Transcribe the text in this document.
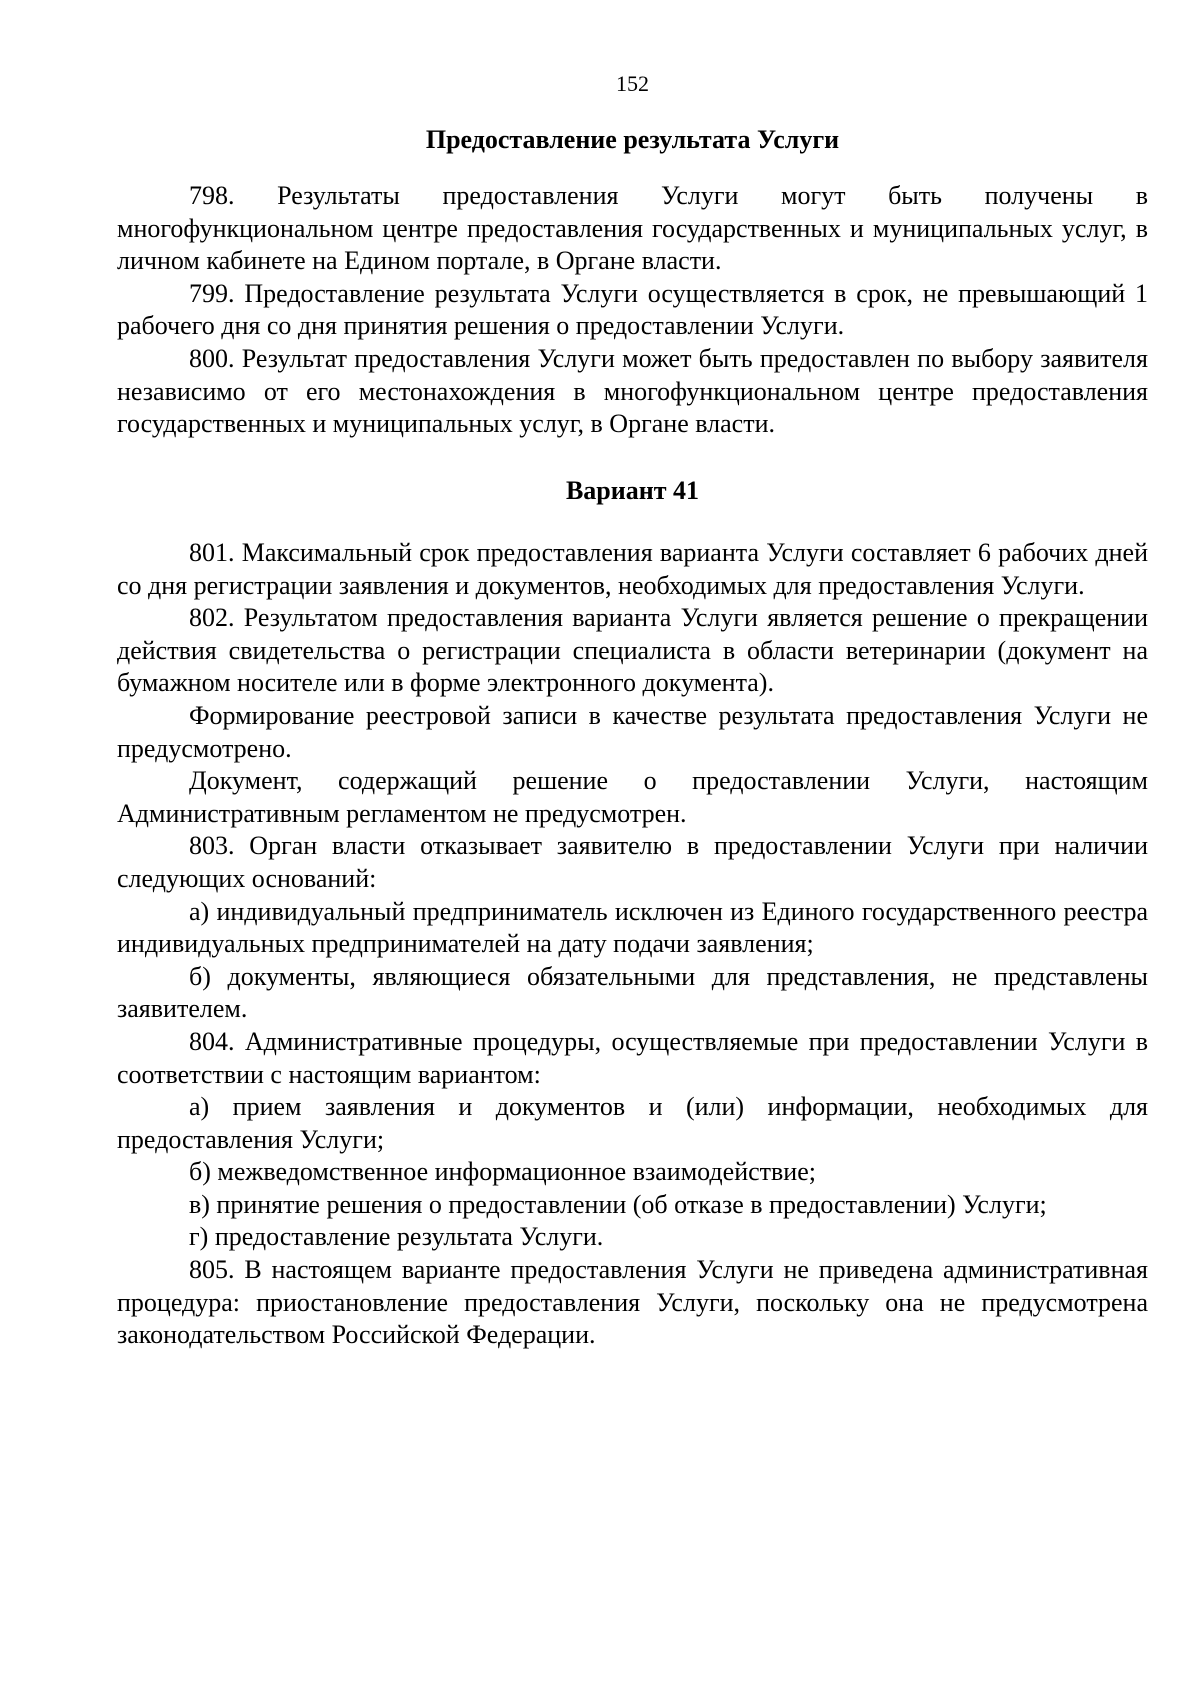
152
Предоставление результата Услуги

798. Результаты предоставления Услуги могут быть получены в многофункциональном центре предоставления государственных и муниципальных услуг, в личном кабинете на Едином портале, в Органе власти.

799. Предоставление результата Услуги осуществляется в срок, не превышающий 1 рабочего дня со дня принятия решения о предоставлении Услуги.

800. Результат предоставления Услуги может быть предоставлен по выбору заявителя независимо от его местонахождения в многофункциональном центре предоставления государственных и муниципальных услуг, в Органе власти.

Вариант 41

801. Максимальный срок предоставления варианта Услуги составляет 6 рабочих дней со дня регистрации заявления и документов, необходимых для предоставления Услуги.

802. Результатом предоставления варианта Услуги является решение о прекращении действия свидетельства о регистрации специалиста в области ветеринарии (документ на бумажном носителе или в форме электронного документа).

Формирование реестровой записи в качестве результата предоставления Услуги не предусмотрено.

Документ, содержащий решение о предоставлении Услуги, настоящим Административным регламентом не предусмотрен.

803. Орган власти отказывает заявителю в предоставлении Услуги при наличии следующих оснований:

а) индивидуальный предприниматель исключен из Единого государственного реестра индивидуальных предпринимателей на дату подачи заявления;

б) документы, являющиеся обязательными для представления, не представлены заявителем.

804. Административные процедуры, осуществляемые при предоставлении Услуги в соответствии с настоящим вариантом:

а) прием заявления и документов и (или) информации, необходимых для предоставления Услуги;

б) межведомственное информационное взаимодействие;

в) принятие решения о предоставлении (об отказе в предоставлении) Услуги;

г) предоставление результата Услуги.

805. В настоящем варианте предоставления Услуги не приведена административная процедура: приостановление предоставления Услуги, поскольку она не предусмотрена законодательством Российской Федерации.
